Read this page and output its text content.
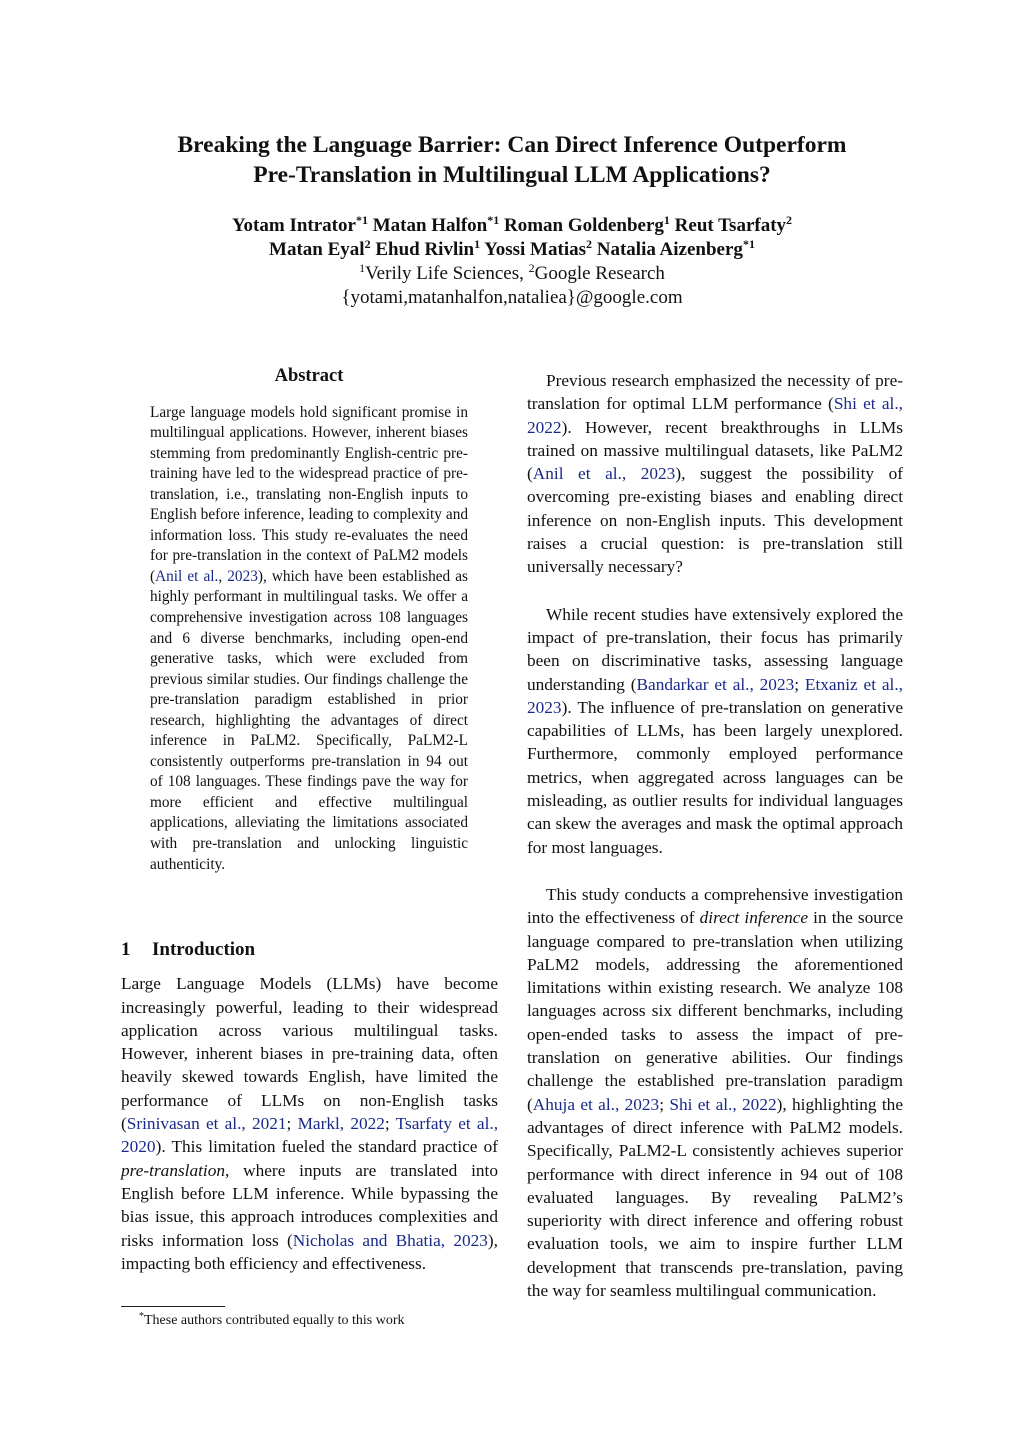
Breaking the Language Barrier: Can Direct Inference Outperform
Pre-Translation in Multilingual LLM Applications?
Yotam Intrator$^{*1}$ Matan Halfon$^{*1}$ Roman Goldenberg$^1$ Reut Tsarfaty$^2$
Matan Eyal$^2$ Ehud Rivlin$^1$ Yossi Matias$^2$ Natalia Aizenberg$^{*1}$
$^1$Verily Life Sciences, $^2$Google Research
{yotami,matanhalfon,nataliea}@google.com
Abstract

Large language models hold significant promise in multilingual applications. However, inherent biases stemming from predominantly English-centric pre-training have led to the widespread practice of pre-translation, i.e., translating non-English inputs to English before inference, leading to complexity and information loss. This study re-evaluates the need for pre-translation in the context of PaLM2 models (Anil et al., 2023), which have been established as highly performant in multilingual tasks. We offer a comprehensive investigation across 108 languages and 6 diverse benchmarks, including open-end generative tasks, which were excluded from previous similar studies. Our findings challenge the pre-translation paradigm established in prior research, highlighting the advantages of direct inference in PaLM2. Specifically, PaLM2-L consistently outperforms pre-translation in 94 out of 108 languages. These findings pave the way for more efficient and effective multilingual applications, alleviating the limitations associated with pre-translation and unlocking linguistic authenticity.

1 Introduction

Large Language Models (LLMs) have become increasingly powerful, leading to their widespread application across various multilingual tasks. However, inherent biases in pre-training data, often heavily skewed towards English, have limited the performance of LLMs on non-English tasks (Srinivasan et al., 2021; Markl, 2022; Tsarfaty et al., 2020). This limitation fueled the standard practice of pre-translation, where inputs are translated into English before LLM inference. While bypassing the bias issue, this approach introduces complexities and risks information loss (Nicholas and Bhatia, 2023), impacting both efficiency and effectiveness.

Previous research emphasized the necessity of pre-translation for optimal LLM performance (Shi et al., 2022). However, recent breakthroughs in LLMs trained on massive multilingual datasets, like PaLM2 (Anil et al., 2023), suggest the possibility of overcoming pre-existing biases and enabling direct inference on non-English inputs. This development raises a crucial question: is pre-translation still universally necessary?

While recent studies have extensively explored the impact of pre-translation, their focus has primarily been on discriminative tasks, assessing language understanding (Bandarkar et al., 2023; Etxaniz et al., 2023). The influence of pre-translation on generative capabilities of LLMs, has been largely unexplored. Furthermore, commonly employed performance metrics, when aggregated across languages can be misleading, as outlier results for individual languages can skew the averages and mask the optimal approach for most languages.

This study conducts a comprehensive investigation into the effectiveness of direct inference in the source language compared to pre-translation when utilizing PaLM2 models, addressing the aforementioned limitations within existing research. We analyze 108 languages across six different benchmarks, including open-ended tasks to assess the impact of pre-translation on generative abilities. Our findings challenge the established pre-translation paradigm (Ahuja et al., 2023; Shi et al., 2022), highlighting the advantages of direct inference with PaLM2 models. Specifically, PaLM2-L consistently achieves superior performance with direct inference in 94 out of 108 evaluated languages. By revealing PaLM2’s superiority with direct inference and offering robust evaluation tools, we aim to inspire further LLM development that transcends pre-translation, paving the way for seamless multilingual communication.

*These authors contributed equally to this work
